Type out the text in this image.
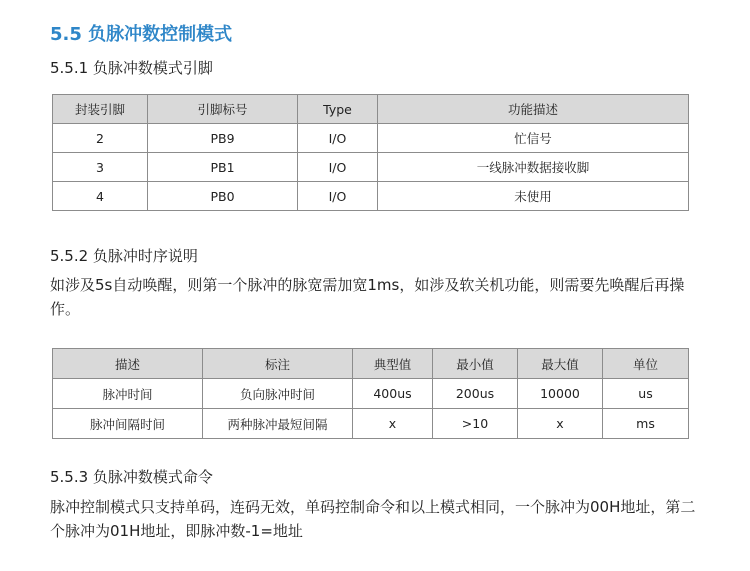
5.5 负脉冲数控制模式
5.5.1 负脉冲数模式引脚
封装引脚	引脚标号	Type	功能描述
2	PB9	I/O	忙信号
3	PB1	I/O	一线脉冲数据接收脚
4	PB0	I/O	未使用
5.5.2 负脉冲时序说明

如涉及5s自动唤醒，则第一个脉冲的脉宽需加宽1ms，如涉及软关机功能，则需要先唤醒后再操作。

描述	标注	典型值	最小值	最大值	单位
脉冲时间	负向脉冲时间	400us	200us	10000	us
脉冲间隔时间	两种脉冲最短间隔	x	>10	x	ms
5.5.3 负脉冲数模式命令

脉冲控制模式只支持单码，连码无效，单码控制命令和以上模式相同，一个脉冲为00H地址，第二个脉冲为01H地址，即脉冲数-1=地址
